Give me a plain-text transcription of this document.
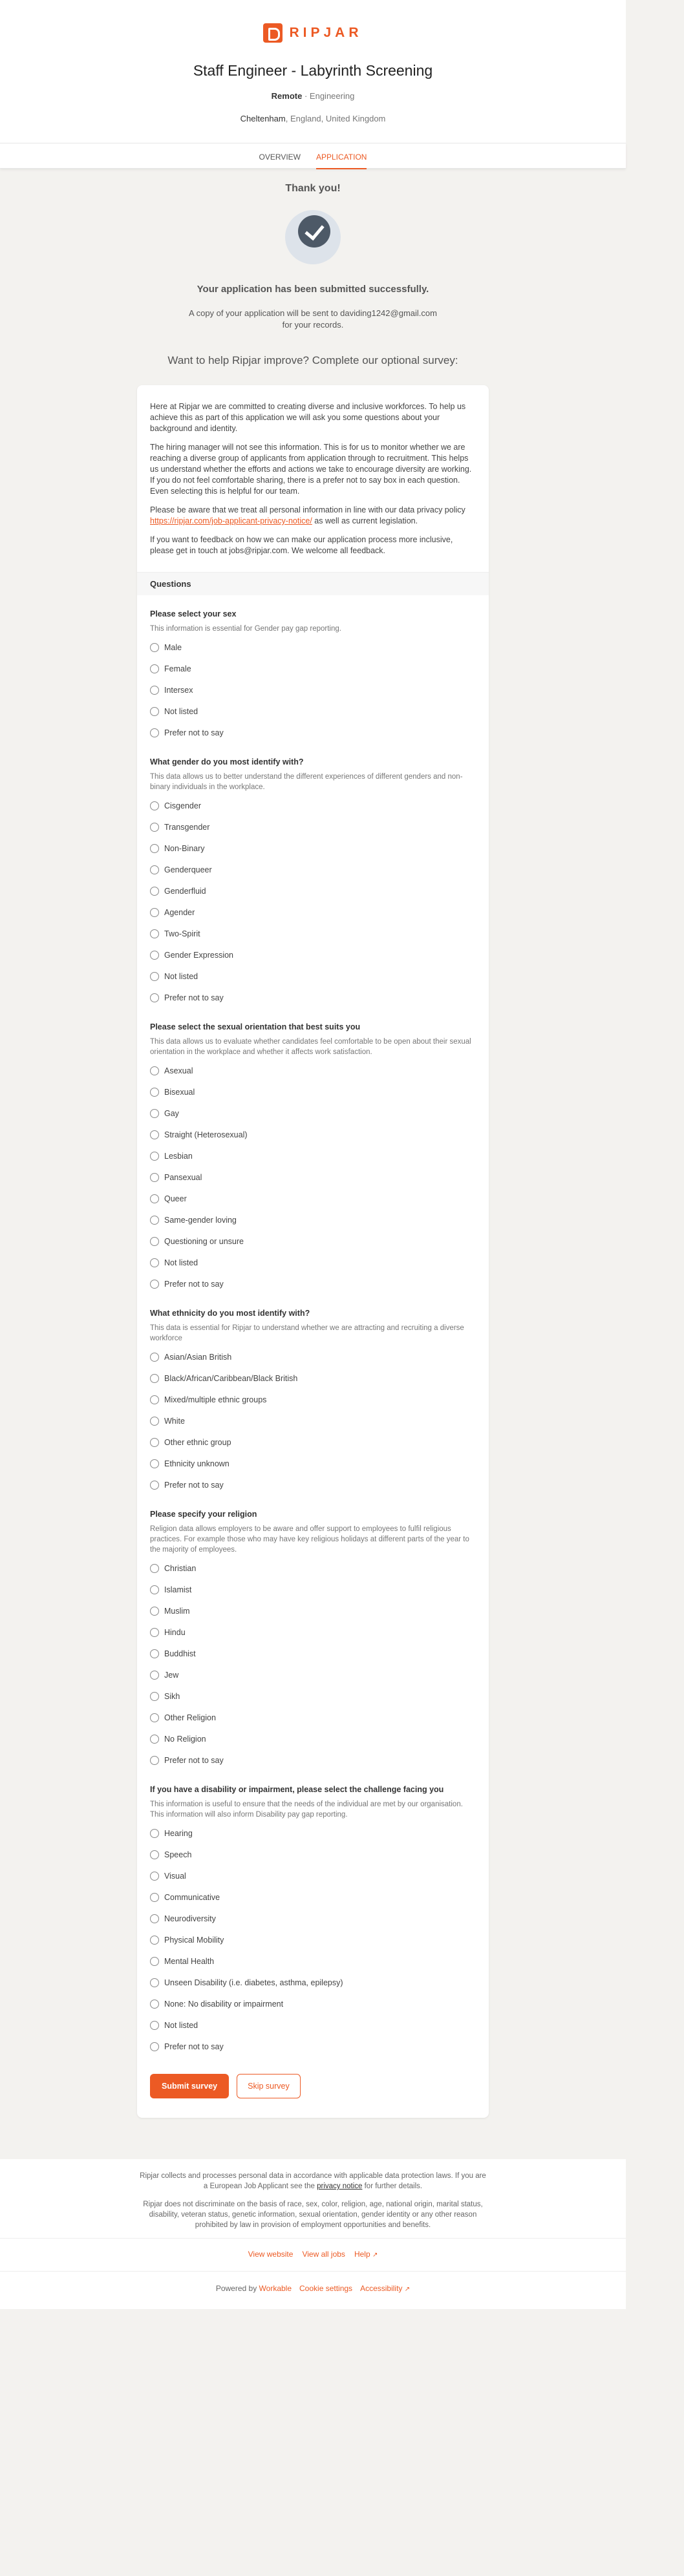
RIPJAR
Staff Engineer - Labyrinth Screening
Remote · Engineering
Cheltenham, England, United Kingdom
OVERVIEW APPLICATION
Thank you!
Your application has been submitted successfully.
A copy of your application will be sent to daviding1242@gmail.com
for your records.
Want to help Ripjar improve? Complete our optional survey:

Here at Ripjar we are committed to creating diverse and inclusive workforces. To help us achieve this as part of this application we will ask you some questions about your background and identity.

The hiring manager will not see this information. This is for us to monitor whether we are reaching a diverse group of applicants from application through to recruitment. This helps us understand whether the efforts and actions we take to encourage diversity are working. If you do not feel comfortable sharing, there is a prefer not to say box in each question. Even selecting this is helpful for our team.

Please be aware that we treat all personal information in line with our data privacy policy https://ripjar.com/job-applicant-privacy-notice/ as well as current legislation.

If you want to feedback on how we can make our application process more inclusive, please get in touch at jobs@ripjar.com. We welcome all feedback.

Questions
Please select your sex
This information is essential for Gender pay gap reporting.
Male
Female
Intersex
Not listed
Prefer not to say
What gender do you most identify with?
This data allows us to better understand the different experiences of different genders and non-binary individuals in the workplace.
Cisgender
Transgender
Non-Binary
Genderqueer
Genderfluid
Agender
Two-Spirit
Gender Expression
Not listed
Prefer not to say
Please select the sexual orientation that best suits you
This data allows us to evaluate whether candidates feel comfortable to be open about their sexual orientation in the workplace and whether it affects work satisfaction.
Asexual
Bisexual
Gay
Straight (Heterosexual)
Lesbian
Pansexual
Queer
Same-gender loving
Questioning or unsure
Not listed
Prefer not to say
What ethnicity do you most identify with?
This data is essential for Ripjar to understand whether we are attracting and recruiting a diverse workforce
Asian/Asian British
Black/African/Caribbean/Black British
Mixed/multiple ethnic groups
White
Other ethnic group
Ethnicity unknown
Prefer not to say
Please specify your religion
Religion data allows employers to be aware and offer support to employees to fulfil religious practices. For example those who may have key religious holidays at different parts of the year to the majority of employees.
Christian
Islamist
Muslim
Hindu
Buddhist
Jew
Sikh
Other Religion
No Religion
Prefer not to say
If you have a disability or impairment, please select the challenge facing you
This information is useful to ensure that the needs of the individual are met by our organisation. This information will also inform Disability pay gap reporting.
Hearing
Speech
Visual
Communicative
Neurodiversity
Physical Mobility
Mental Health
Unseen Disability (i.e. diabetes, asthma, epilepsy)
None: No disability or impairment
Not listed
Prefer not to say
Submit survey	Skip survey

Ripjar collects and processes personal data in accordance with applicable data protection laws. If you are a European Job Applicant see the privacy notice for further details.

Ripjar does not discriminate on the basis of race, sex, color, religion, age, national origin, marital status, disability, veteran status, genetic information, sexual orientation, gender identity or any other reason prohibited by law in provision of employment opportunities and benefits.

View website View all jobs Help ↗
Powered by Workable Cookie settings Accessibility ↗
